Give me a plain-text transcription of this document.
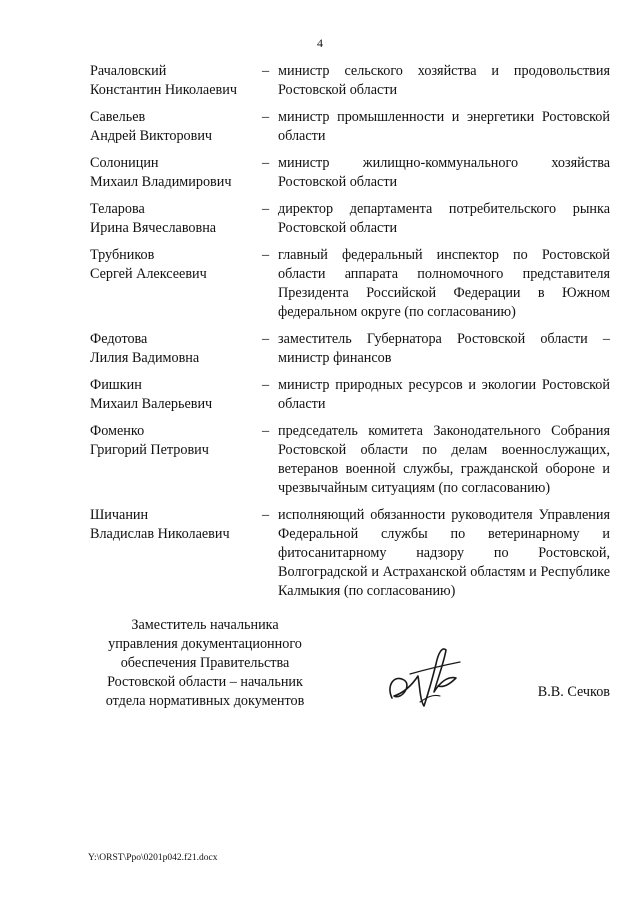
4
Рачаловский
Константин Николаевич
– министр сельского хозяйства и продовольствия Ростовской области
Савельев
Андрей Викторович
– министр промышленности и энергетики Ростовской области
Солоницин
Михаил Владимирович
– министр жилищно-коммунального хозяйства Ростовской области
Теларова
Ирина Вячеславовна
– директор департамента потребительского рынка Ростовской области
Трубников
Сергей Алексеевич
– главный федеральный инспектор по Ростовской области аппарата полномочного представителя Президента Российской Федерации в Южном федеральном округе (по согласованию)
Федотова
Лилия Вадимовна
– заместитель Губернатора Ростовской области – министр финансов
Фишкин
Михаил Валерьевич
– министр природных ресурсов и экологии Ростовской области
Фоменко
Григорий Петрович
– председатель комитета Законодательного Собрания Ростовской области по делам военнослужащих, ветеранов военной службы, гражданской обороне и чрезвычайным ситуациям (по согласованию)
Шичанин
Владислав Николаевич
– исполняющий обязанности руководителя Управления Федеральной службы по ветеринарному и фитосанитарному надзору по Ростовской, Волгоградской и Астраханской областям и Республике Калмыкия (по согласованию)
Заместитель начальника
управления документационного
обеспечения Правительства
Ростовской области – начальник
отдела нормативных документов
В.В. Сечков
Y:\ORST\Ppo\0201p042.f21.docx
